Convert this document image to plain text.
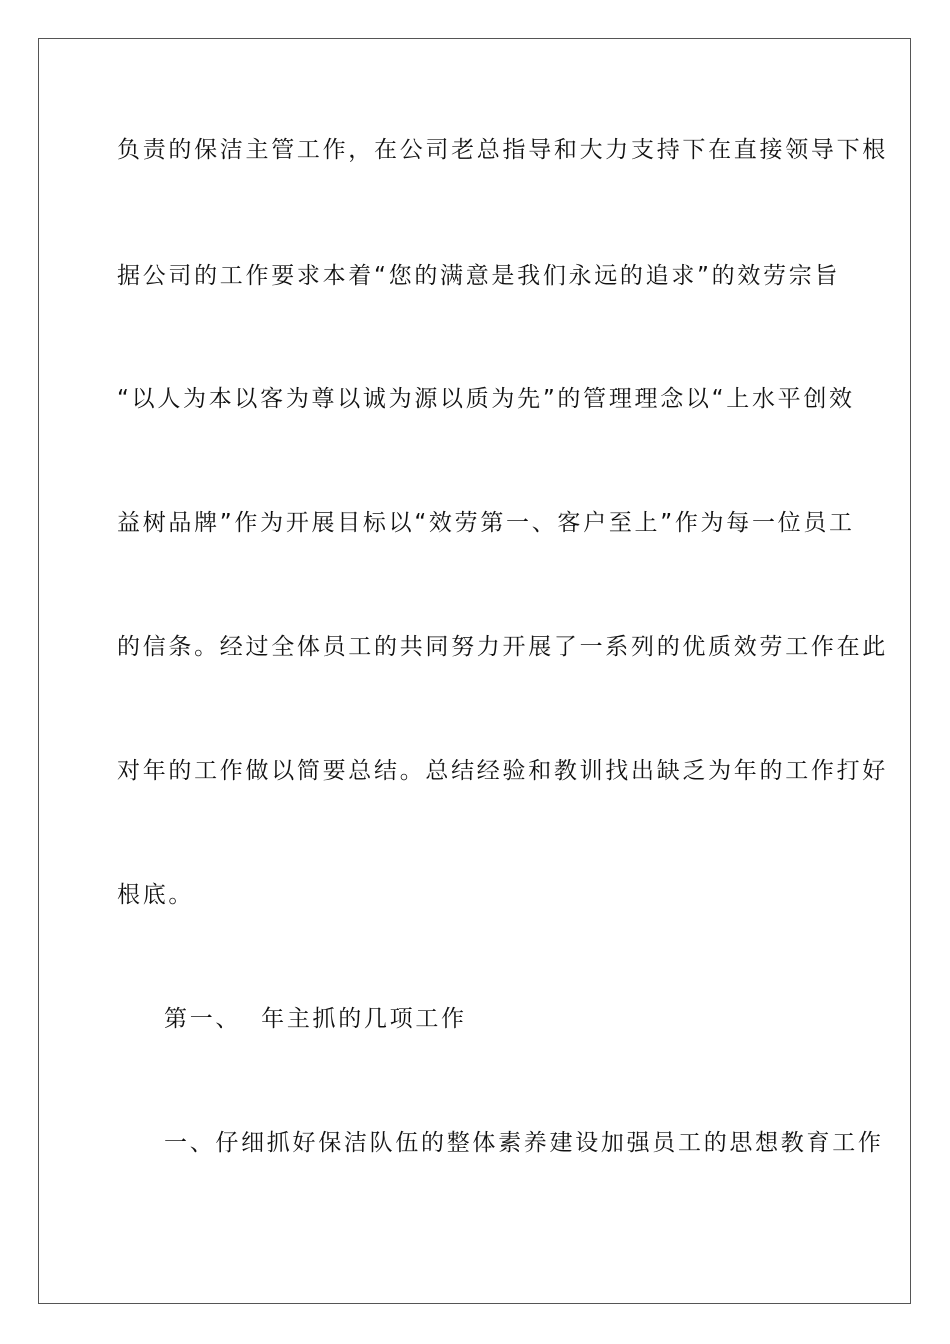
负责的保洁主管工作，在公司老总指导和大力支持下在直接领导下根
据公司的工作要求本着“您的满意是我们永远的追求”的效劳宗旨
“以人为本以客为尊以诚为源以质为先”的管理理念以“上水平创效
益树品牌”作为开展目标以“效劳第一、客户至上”作为每一位员工
的信条。经过全体员工的共同努力开展了一系列的优质效劳工作在此
对年的工作做以简要总结。总结经验和教训找出缺乏为年的工作打好
根底。
第一、  年主抓的几项工作
一、仔细抓好保洁队伍的整体素养建设加强员工的思想教育工作
